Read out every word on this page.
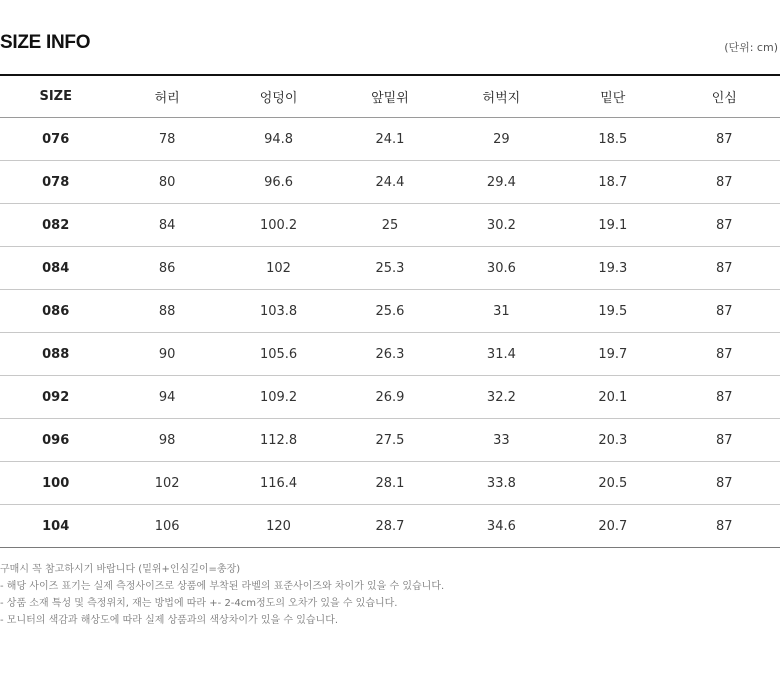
SIZE INFO	(단위: cm)
SIZE	허리	엉덩이	앞밑위	허벅지	밑단	인심
076	78	94.8	24.1	29	18.5	87
078	80	96.6	24.4	29.4	18.7	87
082	84	100.2	25	30.2	19.1	87
084	86	102	25.3	30.6	19.3	87
086	88	103.8	25.6	31	19.5	87
088	90	105.6	26.3	31.4	19.7	87
092	94	109.2	26.9	32.2	20.1	87
096	98	112.8	27.5	33	20.3	87
100	102	116.4	28.1	33.8	20.5	87
104	106	120	28.7	34.6	20.7	87
구매시 꼭 참고하시기 바랍니다 (밑위+인심길이=총장)
- 해당 사이즈 표기는 실제 측정사이즈로 상품에 부착된 라벨의 표준사이즈와 차이가 있을 수 있습니다.
- 상품 소재 특성 및 측정위치, 재는 방법에 따라 +- 2-4cm정도의 오차가 있을 수 있습니다.
- 모니터의 색감과 해상도에 따라 실제 상품과의 색상차이가 있을 수 있습니다.
